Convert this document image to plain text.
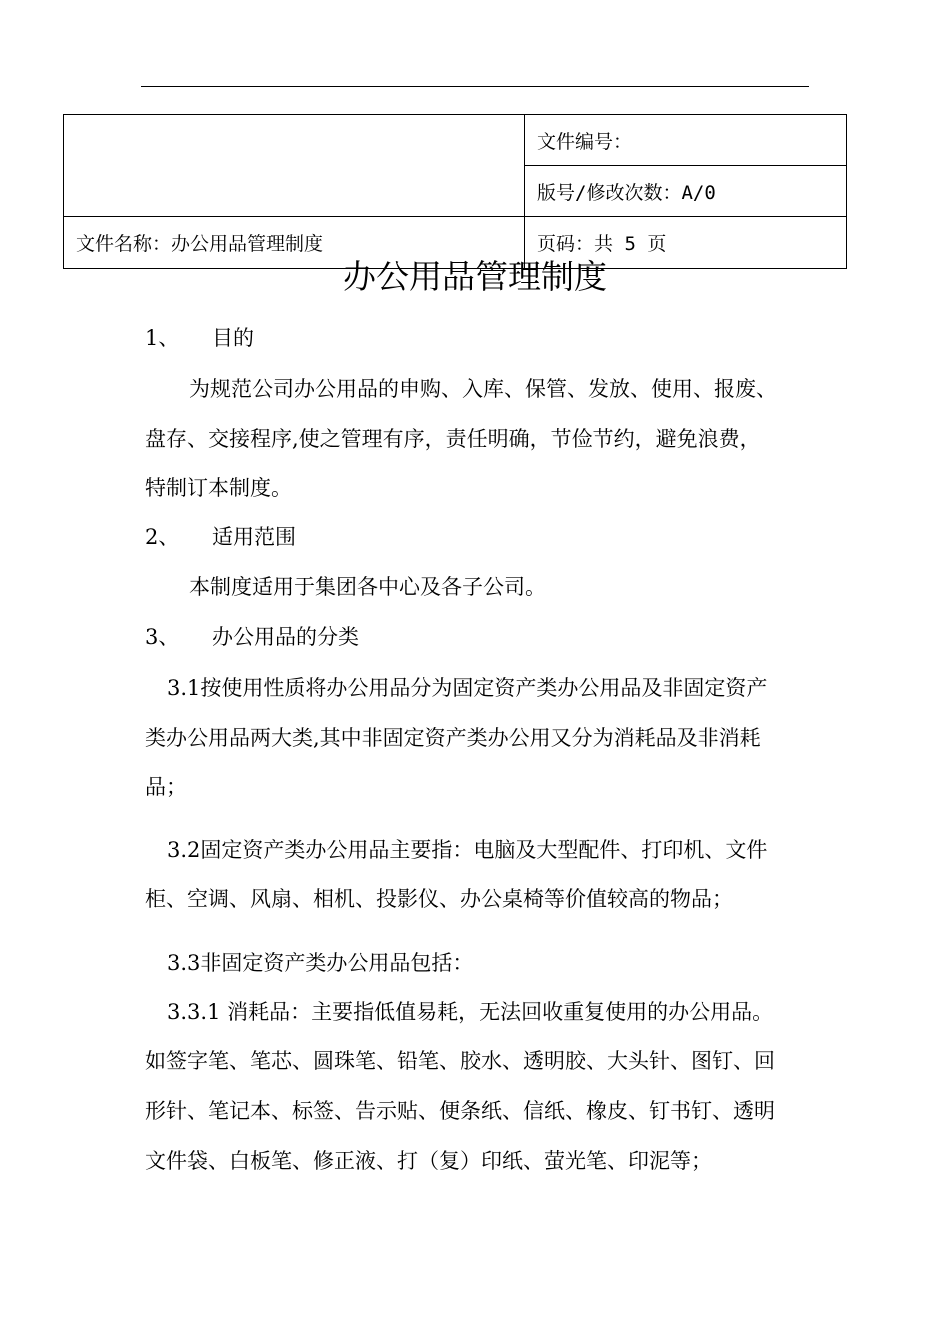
	文件编号：
	版号/修改次数：A/0
文件名称：办公用品管理制度	页码：共 5 页
办公用品管理制度
1、 目的
为规范公司办公用品的申购、入库、保管、发放、使用、报废、
盘存、交接程序,使之管理有序，责任明确，节俭节约，避免浪费，
特制订本制度。
2、 适用范围
本制度适用于集团各中心及各子公司。
3、 办公用品的分类
3.1按使用性质将办公用品分为固定资产类办公用品及非固定资产
类办公用品两大类,其中非固定资产类办公用又分为消耗品及非消耗
品；
3.2固定资产类办公用品主要指：电脑及大型配件、打印机、文件
柜、空调、风扇、相机、投影仪、办公桌椅等价值较高的物品；
3.3非固定资产类办公用品包括：
3.3.1 消耗品：主要指低值易耗，无法回收重复使用的办公用品。
如签字笔、笔芯、圆珠笔、铅笔、胶水、透明胶、大头针、图钉、回
形针、笔记本、标签、告示贴、便条纸、信纸、橡皮、钉书钉、透明
文件袋、白板笔、修正液、打（复）印纸、萤光笔、印泥等；
